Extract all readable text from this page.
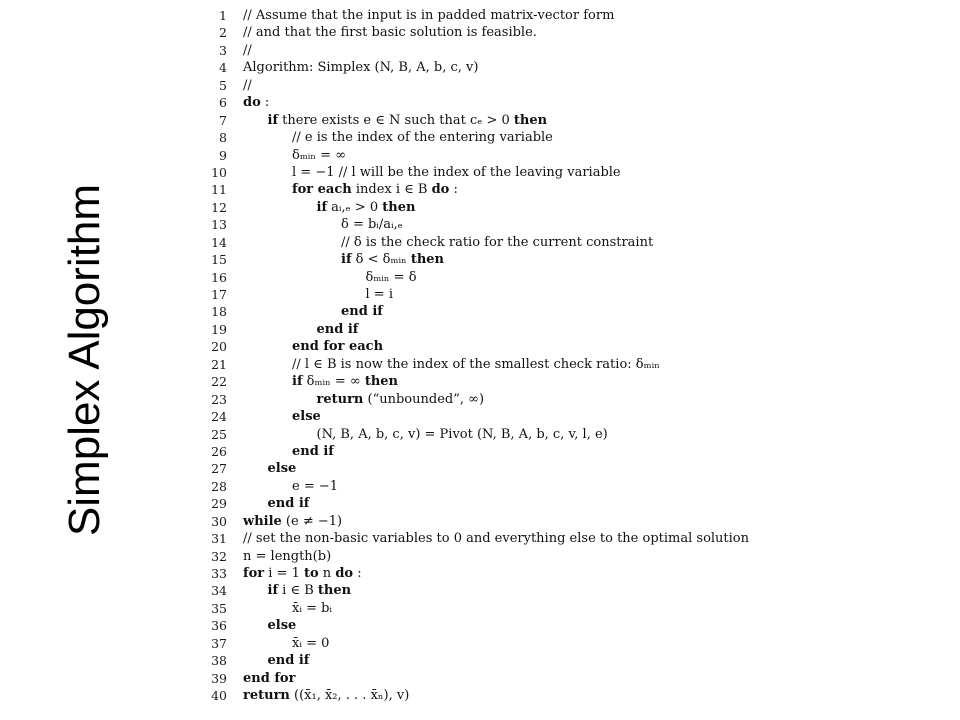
Simplex Algorithm
1 // Assume that the input is in padded matrix-vector form
2 // and that the first basic solution is feasible.
3 //
4 Algorithm: Simplex (N, B, A, b, c, v)
5 //
6 do :
7	if there exists e ∈ N such that cₑ > 0 then
8	// e is the index of the entering variable
9	δₘᵢₙ = ∞
10	l = −1 // l will be the index of the leaving variable
11	for each index i ∈ B do :
12	if aᵢ,ₑ > 0 then
13	δ = bᵢ/aᵢ,ₑ
14	// δ is the check ratio for the current constraint
15	if δ < δₘᵢₙ then
16	δₘᵢₙ = δ
17	l = i
18	end if
19	end if
20	end for each
21	// l ∈ B is now the index of the smallest check ratio: δₘᵢₙ
22	if δₘᵢₙ = ∞ then
23	return (“unbounded”, ∞)
24	else
25	(N, B, A, b, c, v) = Pivot (N, B, A, b, c, v, l, e)
26	end if
27	else
28	e = −1
29	end if
30 while (e ≠ −1)
31 // set the non-basic variables to 0 and everything else to the optimal solution
32 n = length(b)
33 for i = 1 to n do :
34	if i ∈ B then
35	x̄ᵢ = bᵢ
36	else
37	x̄ᵢ = 0
38	end if
39 end for
40 return ((x̄₁, x̄₂, . . . x̄ₙ), v)
